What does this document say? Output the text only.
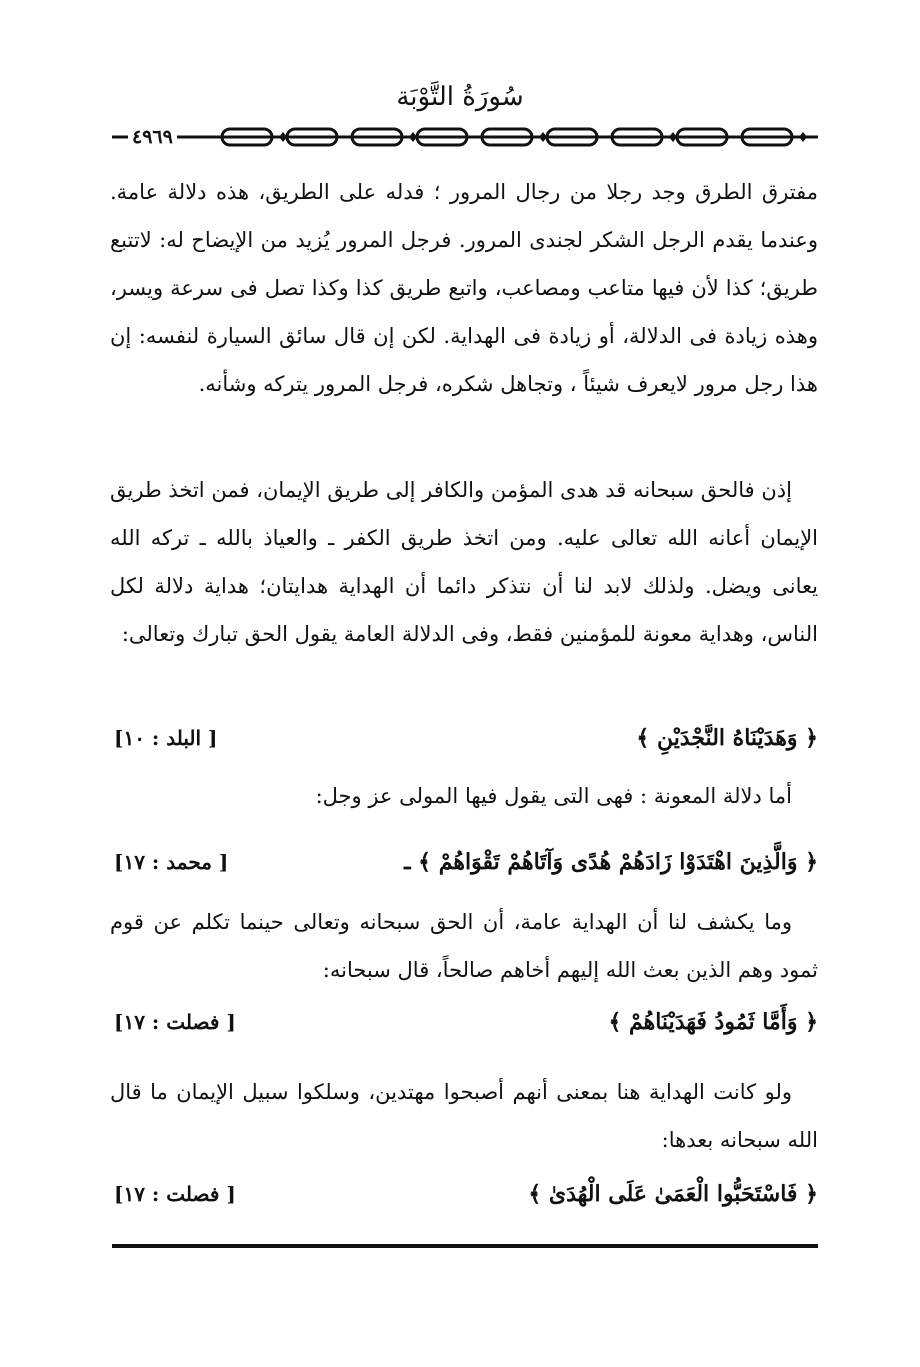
سُورَةُ التَّوْبَة
٤٩٦٩
مفترق الطرق وجد رجلا من رجال المرور ؛ فدله على الطريق، هذه دلالة عامة. وعندما يقدم الرجل الشكر لجندى المرور. فرجل المرور يُزيد من الإيضاح له: لاتتبع طريق؛ كذا لأن فيها متاعب ومصاعب، واتبع طريق كذا وكذا تصل فى سرعة ويسر، وهذه زيادة فى الدلالة، أو زيادة فى الهداية. لكن إن قال سائق السيارة لنفسه: إن هذا رجل مرور لايعرف شيئاً ، وتجاهل شكره، فرجل المرور يتركه وشأنه.
إذن فالحق سبحانه قد هدى المؤمن والكافر إلى طريق الإيمان، فمن اتخذ طريق الإيمان أعانه الله تعالى عليه. ومن اتخذ طريق الكفر ـ والعياذ بالله ـ تركه الله يعانى ويضل. ولذلك لابد لنا أن نتذكر دائما أن الهداية هدايتان؛ هداية دلالة لكل الناس، وهداية معونة للمؤمنين فقط، وفى الدلالة العامة يقول الحق تبارك وتعالى:
﴿ وَهَدَيْنَاهُ النَّجْدَيْنِ ﴾
[ البلد : ١٠]
أما دلالة المعونة : فهى التى يقول فيها المولى عز وجل:
﴿ وَالَّذِينَ اهْتَدَوْا زَادَهُمْ هُدًى وَآتَاهُمْ تَقْوَاهُمْ ﴾ ـ
[ محمد : ١٧]
وما يكشف لنا أن الهداية عامة، أن الحق سبحانه وتعالى حينما تكلم عن قوم ثمود وهم الذين بعث الله إليهم أخاهم صالحاً، قال سبحانه:
﴿ وَأَمَّا ثَمُودُ فَهَدَيْنَاهُمْ ﴾
[ فصلت : ١٧]
ولو كانت الهداية هنا بمعنى أنهم أصبحوا مهتدين، وسلكوا سبيل الإيمان ما قال الله سبحانه بعدها:
﴿ فَاسْتَحَبُّوا الْعَمَىٰ عَلَى الْهُدَىٰ ﴾
[ فصلت : ١٧]
